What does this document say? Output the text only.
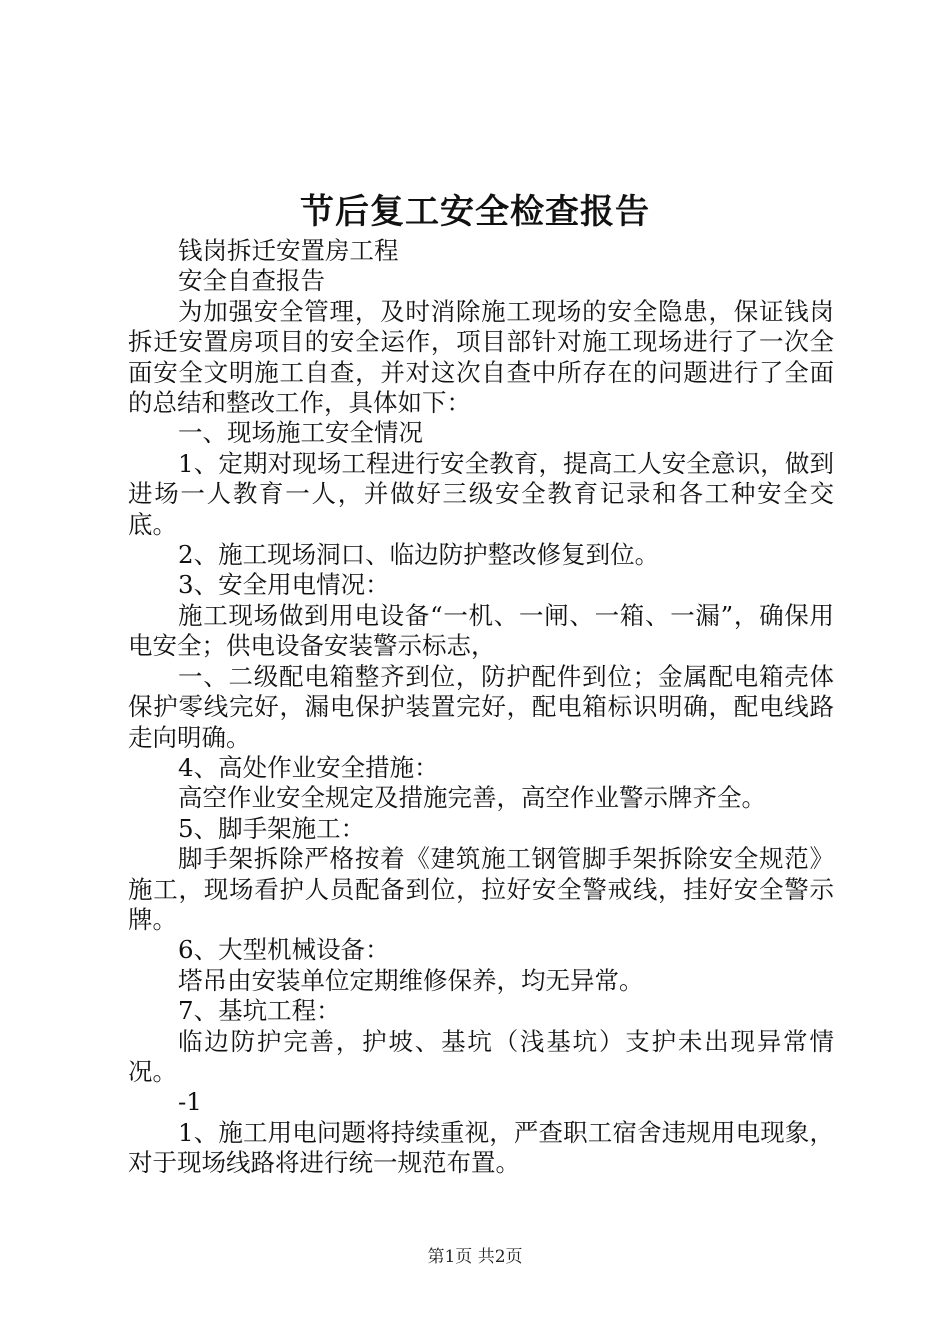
节后复工安全检查报告

钱岗拆迁安置房工程

安全自查报告

为加强安全管理，及时消除施工现场的安全隐患，保证钱岗拆迁安置房项目的安全运作，项目部针对施工现场进行了一次全面安全文明施工自查，并对这次自查中所存在的问题进行了全面的总结和整改工作，具体如下：

一、现场施工安全情况

1、定期对现场工程进行安全教育，提高工人安全意识，做到进场一人教育一人，并做好三级安全教育记录和各工种安全交底。

2、施工现场洞口、临边防护整改修复到位。

3、安全用电情况：

施工现场做到用电设备“一机、一闸、一箱、一漏”，确保用电安全；供电设备安装警示标志，

一、二级配电箱整齐到位，防护配件到位；金属配电箱壳体保护零线完好，漏电保护装置完好，配电箱标识明确，配电线路走向明确。

4、高处作业安全措施：

高空作业安全规定及措施完善，高空作业警示牌齐全。

5、脚手架施工：

脚手架拆除严格按着《建筑施工钢管脚手架拆除安全规范》施工，现场看护人员配备到位，拉好安全警戒线，挂好安全警示牌。

6、大型机械设备：

塔吊由安装单位定期维修保养，均无异常。

7、基坑工程：

临边防护完善，护坡、基坑（浅基坑）支护未出现异常情况。

-1

1、施工用电问题将持续重视，严查职工宿舍违规用电现象，对于现场线路将进行统一规范布置。

第1页 共2页
